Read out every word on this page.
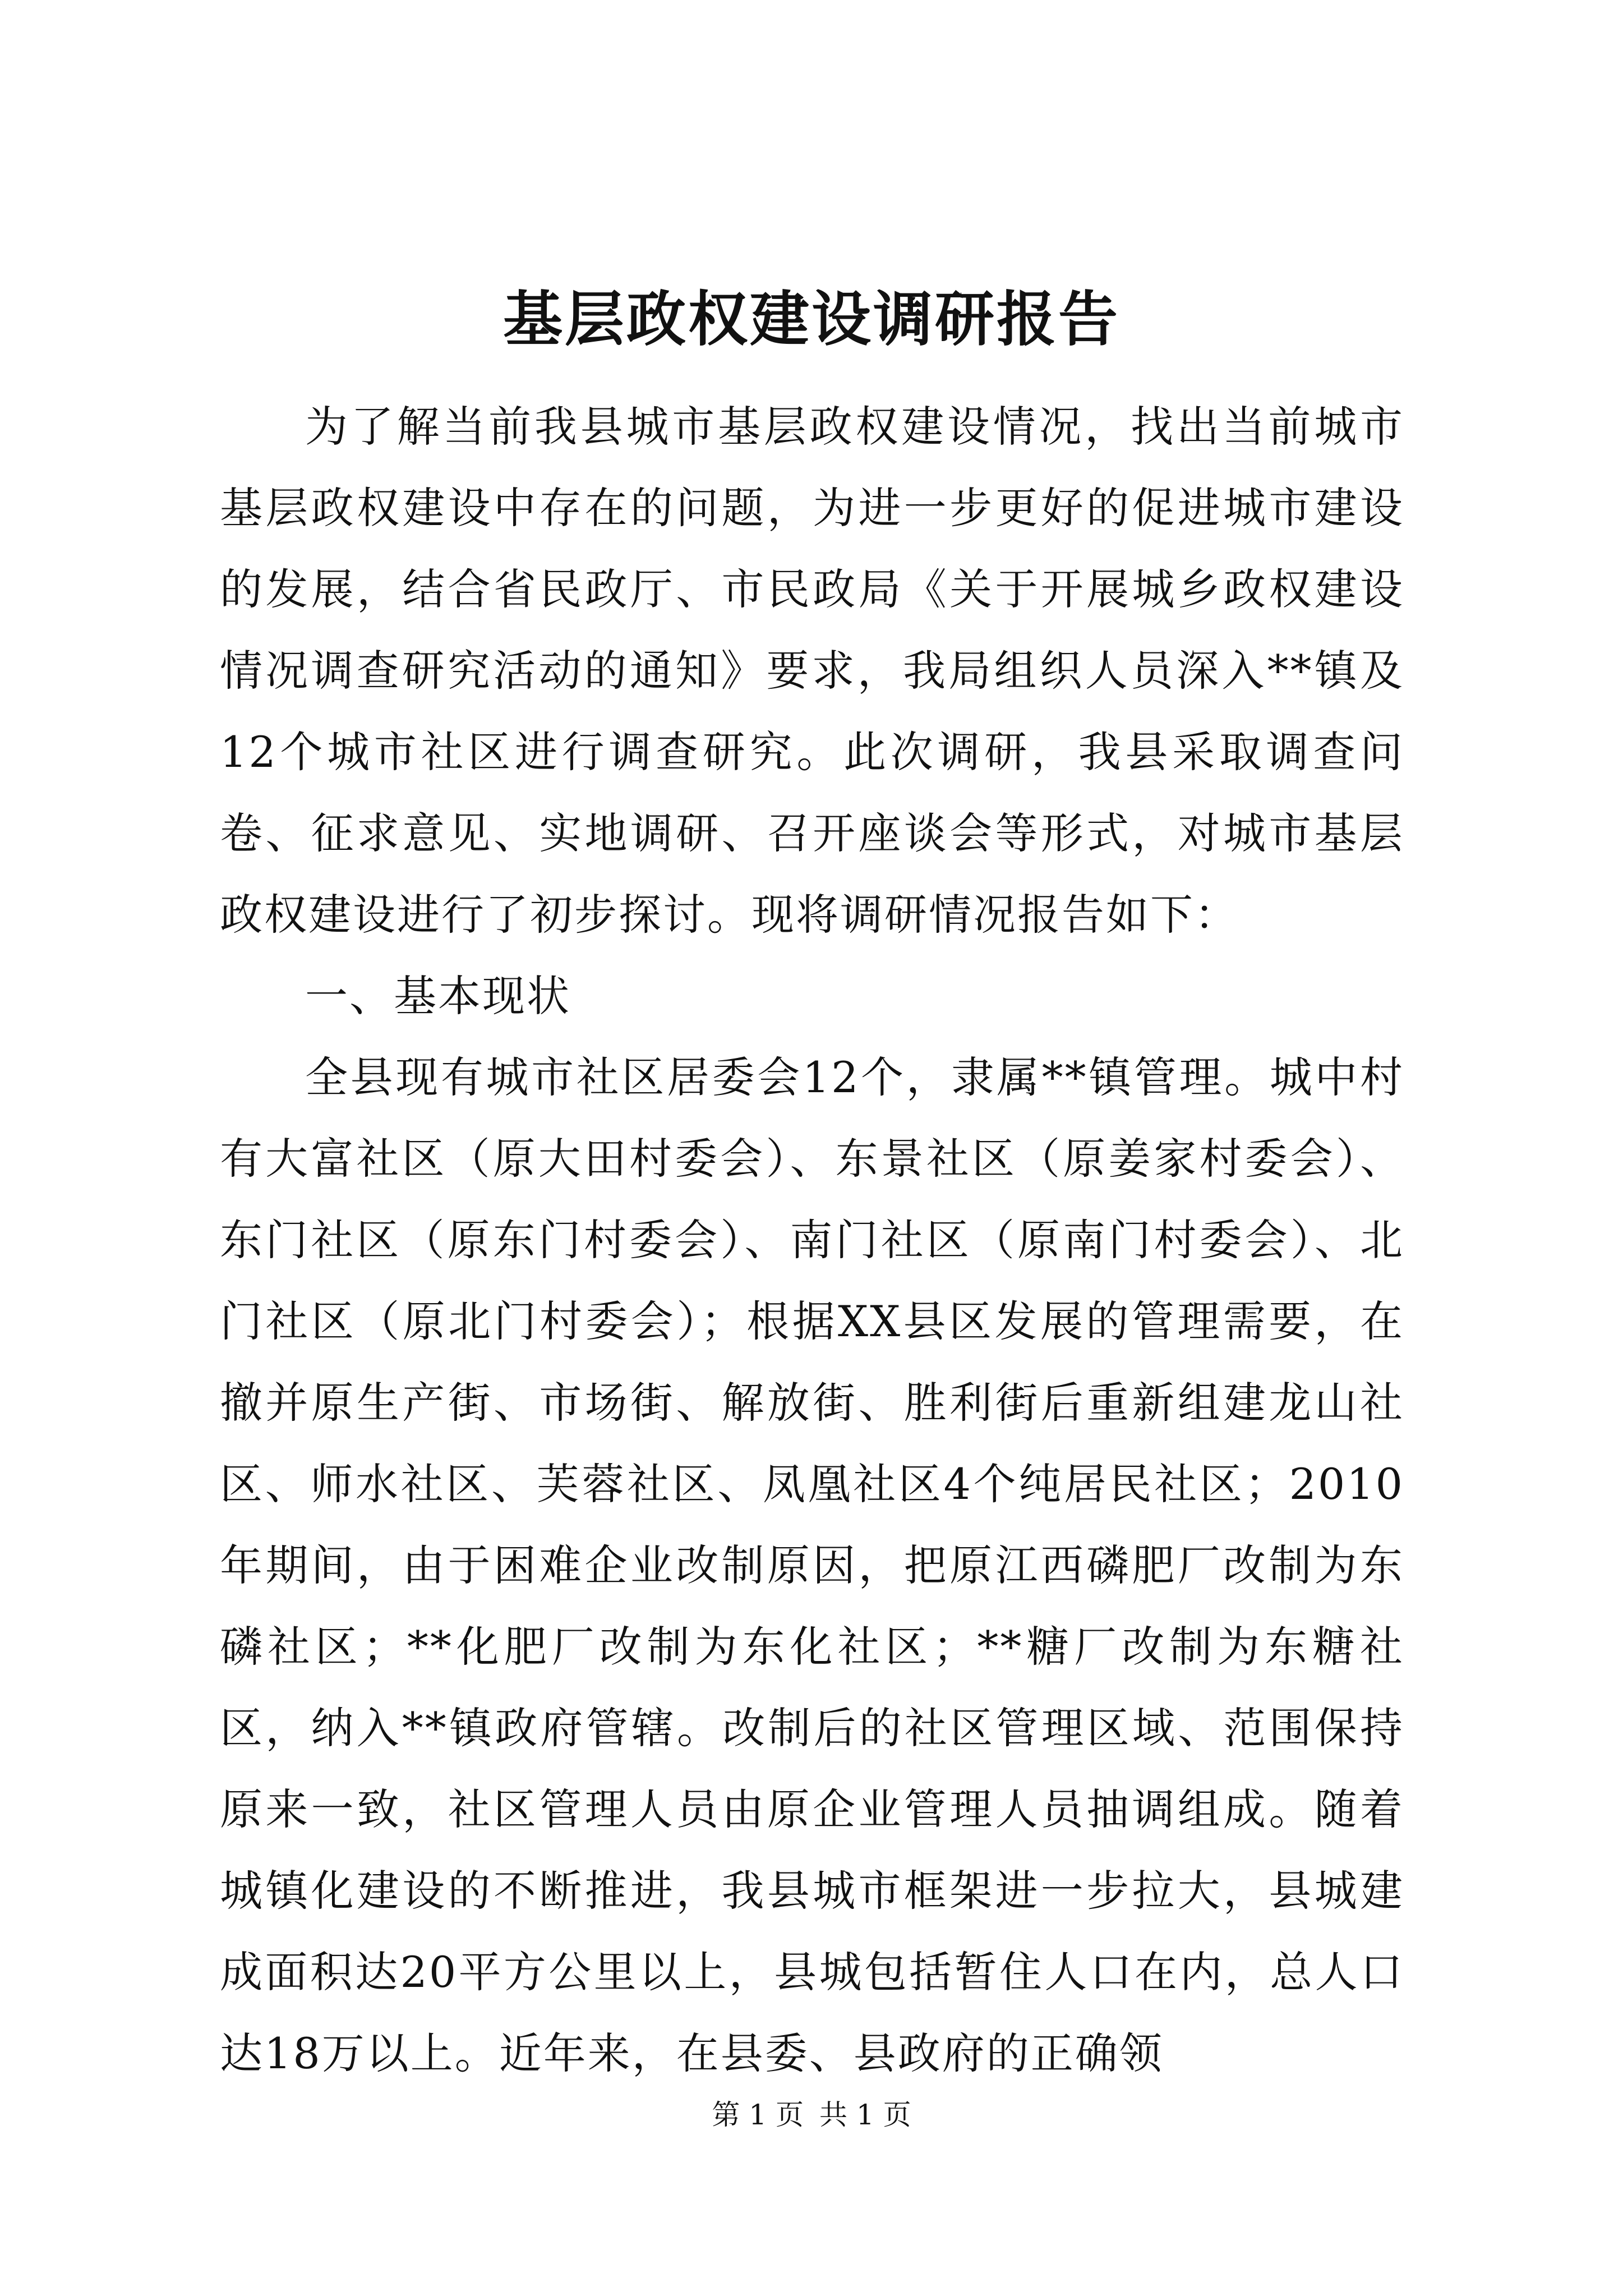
基层政权建设调研报告

为了解当前我县城市基层政权建设情况，找出当前城市基层政权建设中存在的问题，为进一步更好的促进城市建设的发展，结合省民政厅、市民政局《关于开展城乡政权建设情况调查研究活动的通知》要求，我局组织人员深入**镇及12个城市社区进行调查研究。此次调研，我县采取调查问卷、征求意见、实地调研、召开座谈会等形式，对城市基层政权建设进行了初步探讨。现将调研情况报告如下：

一、基本现状

全县现有城市社区居委会12个，隶属**镇管理。城中村有大富社区（原大田村委会）、东景社区（原姜家村委会）、东门社区（原东门村委会）、南门社区（原南门村委会）、北门社区（原北门村委会）；根据XX县区发展的管理需要，在撤并原生产街、市场街、解放街、胜利街后重新组建龙山社区、师水社区、芙蓉社区、凤凰社区4个纯居民社区；2010年期间，由于困难企业改制原因，把原江西磷肥厂改制为东磷社区；**化肥厂改制为东化社区；**糖厂改制为东糖社区，纳入**镇政府管辖。改制后的社区管理区域、范围保持原来一致，社区管理人员由原企业管理人员抽调组成。随着城镇化建设的不断推进，我县城市框架进一步拉大，县城建成面积达20平方公里以上，县城包括暂住人口在内，总人口达18万以上。近年来，在县委、县政府的正确领

第 1 页 共 1 页
